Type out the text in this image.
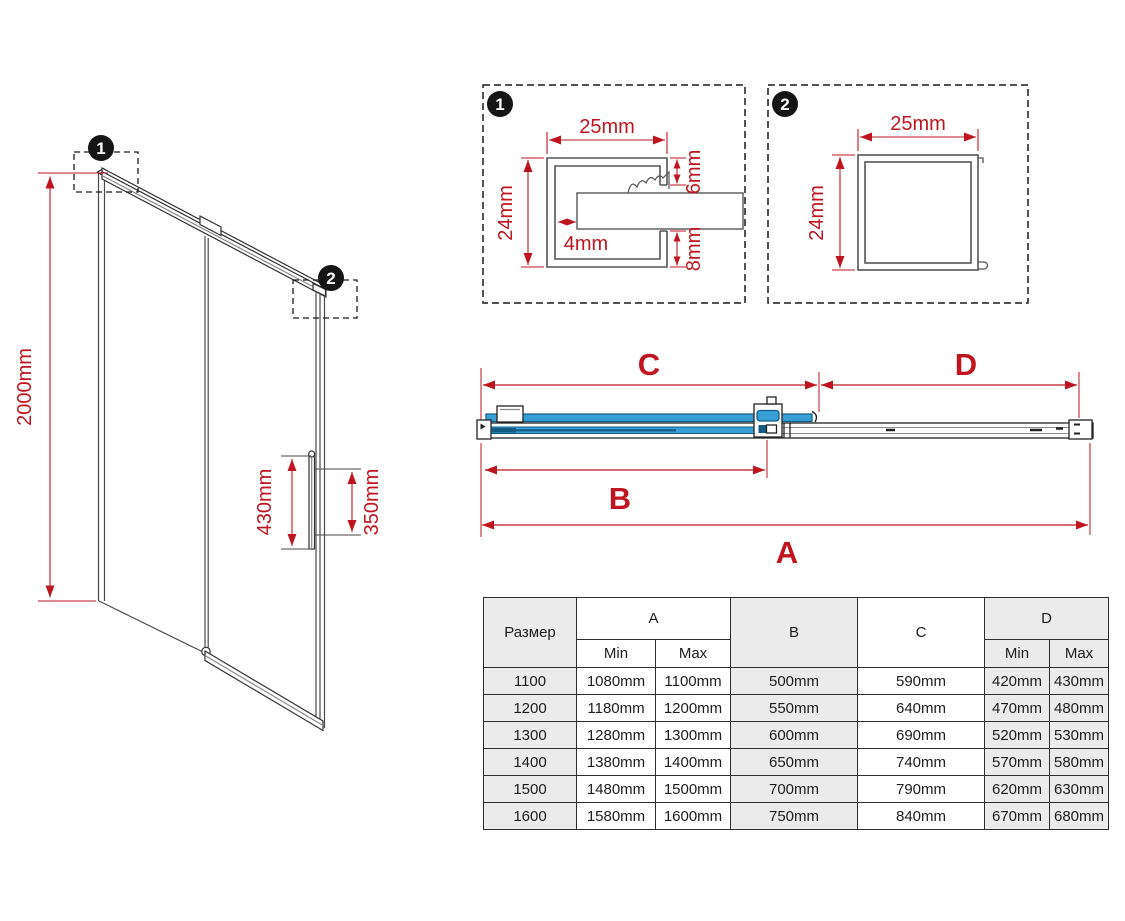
2000mm
430mm	350mm
1
2
1
25mm
24mm
6mm
8mm
4mm
2
25mm
24mm
C	D
B
A
Размер	A		B	C	D	
	Min	Max			Min	Max
1100	1080mm	1100mm	500mm	590mm	420mm	430mm
1200	1180mm	1200mm	550mm	640mm	470mm	480mm
1300	1280mm	1300mm	600mm	690mm	520mm	530mm
1400	1380mm	1400mm	650mm	740mm	570mm	580mm
1500	1480mm	1500mm	700mm	790mm	620mm	630mm
1600	1580mm	1600mm	750mm	840mm	670mm	680mm
